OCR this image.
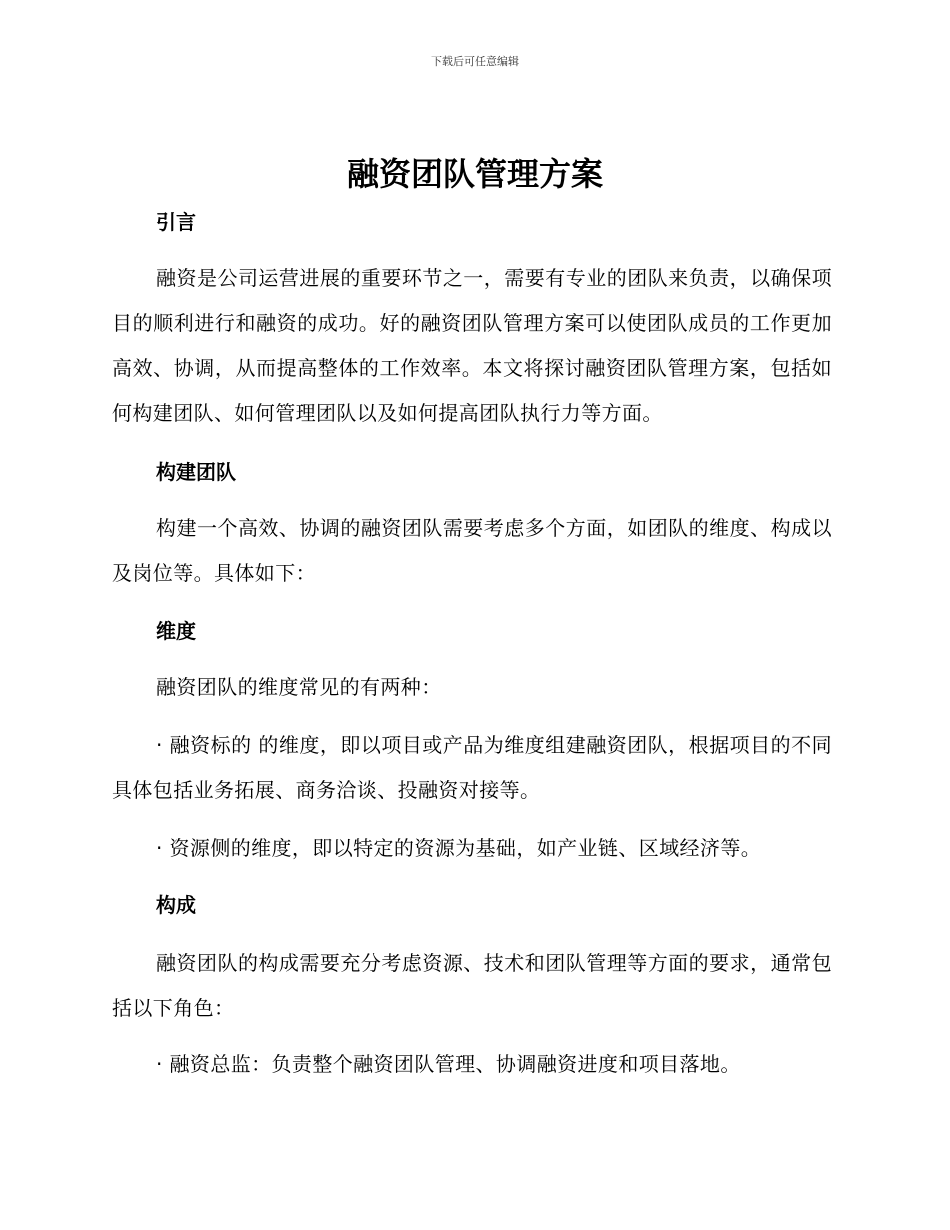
下载后可任意编辑
融资团队管理方案
引言
融资是公司运营进展的重要环节之一，需要有专业的团队来负责，以确保项目的顺利进行和融资的成功。好的融资团队管理方案可以使团队成员的工作更加高效、协调，从而提高整体的工作效率。本文将探讨融资团队管理方案，包括如何构建团队、如何管理团队以及如何提高团队执行力等方面。
构建团队
构建一个高效、协调的融资团队需要考虑多个方面，如团队的维度、构成以及岗位等。具体如下：
维度
融资团队的维度常见的有两种：
· 融资标的 的维度，即以项目或产品为维度组建融资团队，根据项目的不同具体包括业务拓展、商务洽谈、投融资对接等。
· 资源侧的维度，即以特定的资源为基础，如产业链、区域经济等。
构成
融资团队的构成需要充分考虑资源、技术和团队管理等方面的要求，通常包括以下角色：
· 融资总监：负责整个融资团队管理、协调融资进度和项目落地。
